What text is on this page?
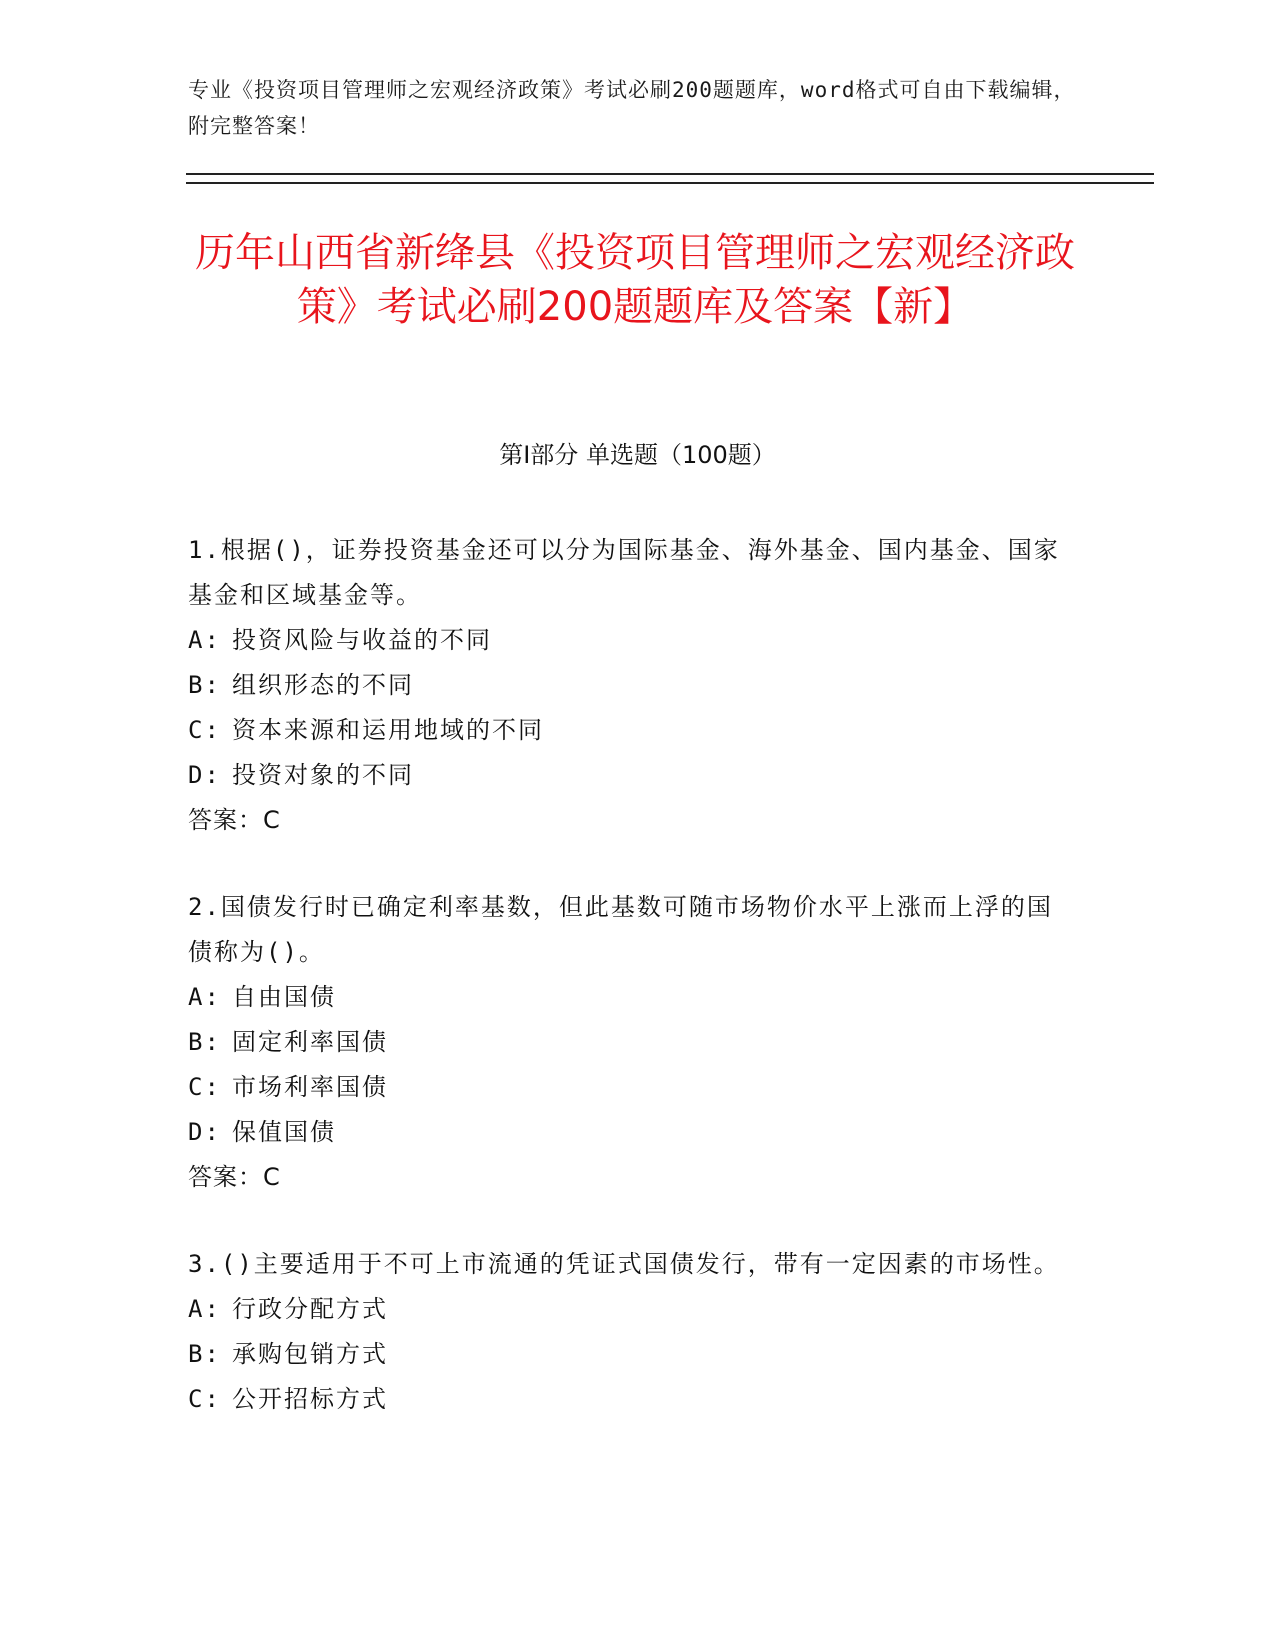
专业《投资项目管理师之宏观经济政策》考试必刷200题题库，word格式可自由下载编辑，附完整答案！
历年山西省新绛县《投资项目管理师之宏观经济政策》考试必刷200题题库及答案【新】
第I部分 单选题（100题）
1.根据()，证券投资基金还可以分为国际基金、海外基金、国内基金、国家基金和区域基金等。
A: 投资风险与收益的不同
B: 组织形态的不同
C: 资本来源和运用地域的不同
D: 投资对象的不同
答案：C
2.国债发行时已确定利率基数，但此基数可随市场物价水平上涨而上浮的国债称为()。
A: 自由国债
B: 固定利率国债
C: 市场利率国债
D: 保值国债
答案：C
3.()主要适用于不可上市流通的凭证式国债发行，带有一定因素的市场性。
A: 行政分配方式
B: 承购包销方式
C: 公开招标方式
